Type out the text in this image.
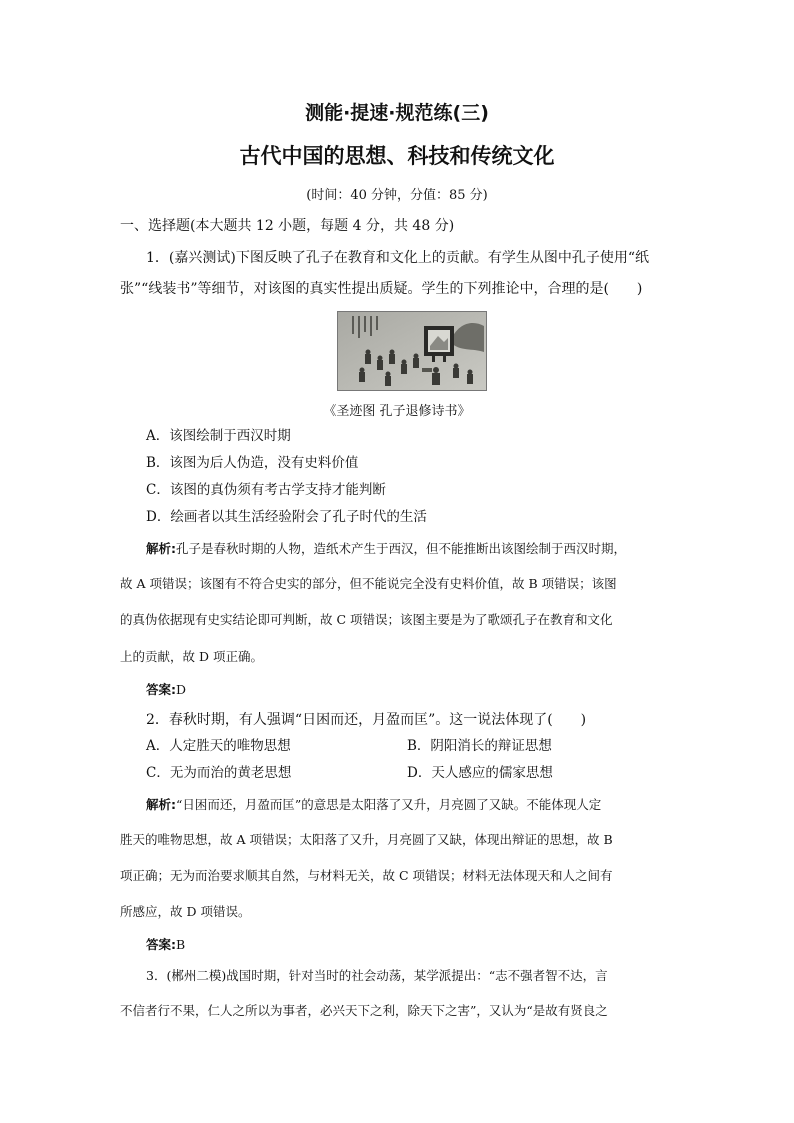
测能·提速·规范练(三)
古代中国的思想、科技和传统文化
(时间：40 分钟，分值：85 分)
一、选择题(本大题共 12 小题，每题 4 分，共 48 分)
1．(嘉兴测试)下图反映了孔子在教育和文化上的贡献。有学生从图中孔子使用“纸
张”“线装书”等细节，对该图的真实性提出质疑。学生的下列推论中，合理的是(　　)
《圣迹图 孔子退修诗书》
A．该图绘制于西汉时期
B．该图为后人伪造，没有史料价值
C．该图的真伪须有考古学支持才能判断
D．绘画者以其生活经验附会了孔子时代的生活
解析:孔子是春秋时期的人物，造纸术产生于西汉，但不能推断出该图绘制于西汉时期，
故 A 项错误；该图有不符合史实的部分，但不能说完全没有史料价值，故 B 项错误；该图
的真伪依据现有史实结论即可判断，故 C 项错误；该图主要是为了歌颂孔子在教育和文化
上的贡献，故 D 项正确。
答案:D
2．春秋时期，有人强调“日困而还，月盈而匡”。这一说法体现了(　　)
A．人定胜天的唯物思想	B．阴阳消长的辩证思想
C．无为而治的黄老思想	D．天人感应的儒家思想
解析:“日困而还，月盈而匡”的意思是太阳落了又升，月亮圆了又缺。不能体现人定
胜天的唯物思想，故 A 项错误；太阳落了又升，月亮圆了又缺，体现出辩证的思想，故 B
项正确；无为而治要求顺其自然，与材料无关，故 C 项错误；材料无法体现天和人之间有
所感应，故 D 项错误。
答案:B
3．(郴州二模)战国时期，针对当时的社会动荡，某学派提出：“志不强者智不达，言
不信者行不果，仁人之所以为事者，必兴天下之利，除天下之害”，又认为“是故有贤良之
